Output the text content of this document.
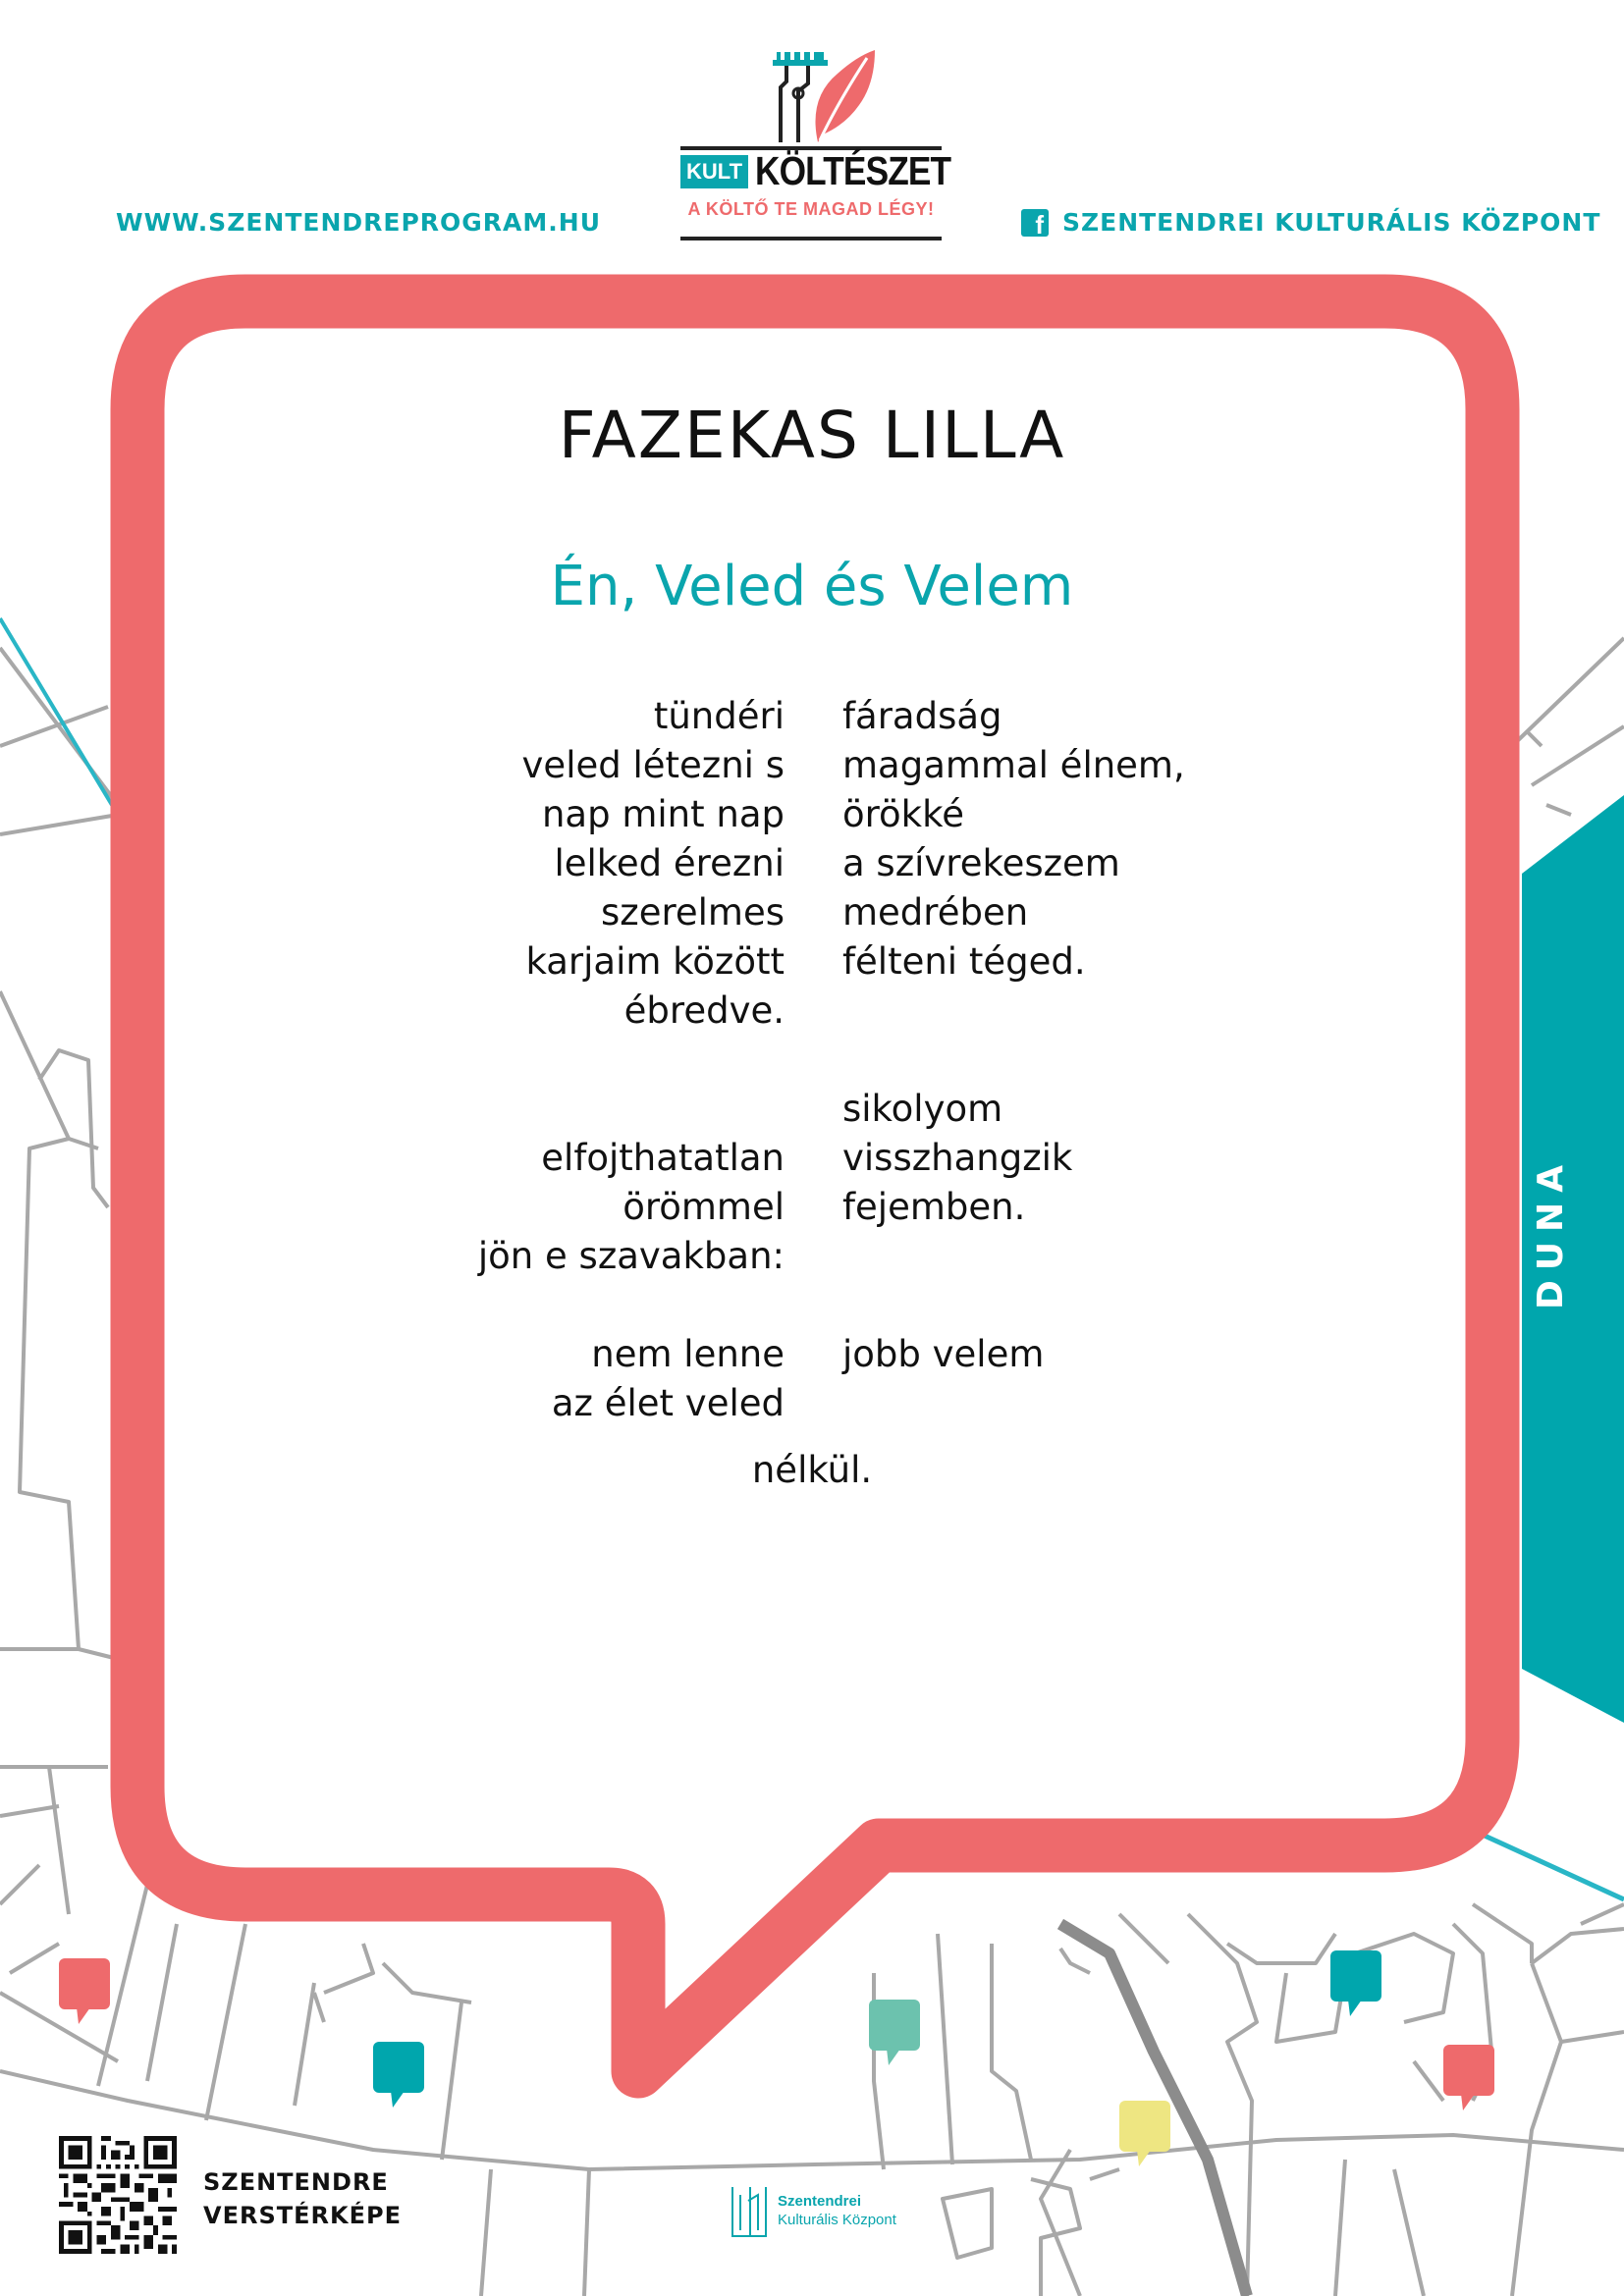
WWW.SZENTENDREPROGRAM.HU	f SZENTENDREI KULTURÁLIS KÖZPONT
KULT KÖLTÉSZET
A KÖLTŐ TE MAGAD LÉGY!
FAZEKAS LILLA
Én, Veled és Velem
tündéri
veled létezni s
nap mint nap
lelked érezni
szerelmes
karjaim között
ébredve.
fáradság
magammal élnem,
örökké
a szívrekeszem
medrében
félteni téged.
elfojthatatlan
örömmel
jön e szavakban:
sikolyom
visszhangzik
fejemben.
nem lenne
az élet veled
jobb velem
nélkül.
DUNA
SZENTENDRE
VERSTÉRKÉPE
Szentendrei
Kulturális Központ
